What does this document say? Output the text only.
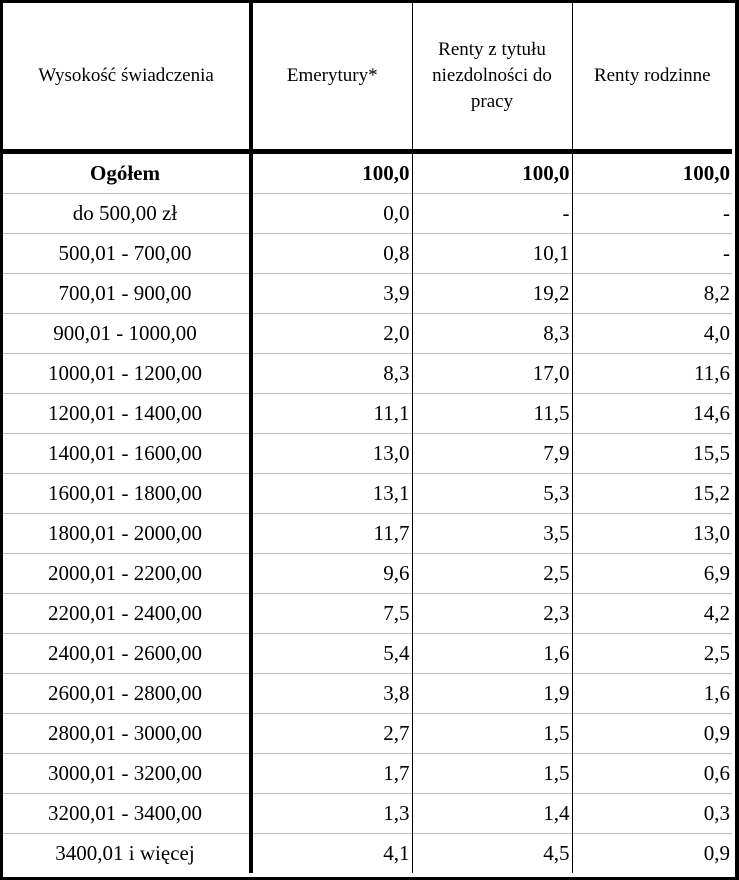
Wysokość świadczenia	Emerytury*	Renty z tytułu niezdolności do pracy	Renty rodzinne
Ogółem	100,0	100,0	100,0
do 500,00 zł	0,0	-	-
500,01 - 700,00	0,8	10,1	-
700,01 - 900,00	3,9	19,2	8,2
900,01 - 1000,00	2,0	8,3	4,0
1000,01 - 1200,00	8,3	17,0	11,6
1200,01 - 1400,00	11,1	11,5	14,6
1400,01 - 1600,00	13,0	7,9	15,5
1600,01 - 1800,00	13,1	5,3	15,2
1800,01 - 2000,00	11,7	3,5	13,0
2000,01 - 2200,00	9,6	2,5	6,9
2200,01 - 2400,00	7,5	2,3	4,2
2400,01 - 2600,00	5,4	1,6	2,5
2600,01 - 2800,00	3,8	1,9	1,6
2800,01 - 3000,00	2,7	1,5	0,9
3000,01 - 3200,00	1,7	1,5	0,6
3200,01 - 3400,00	1,3	1,4	0,3
3400,01 i więcej	4,1	4,5	0,9
